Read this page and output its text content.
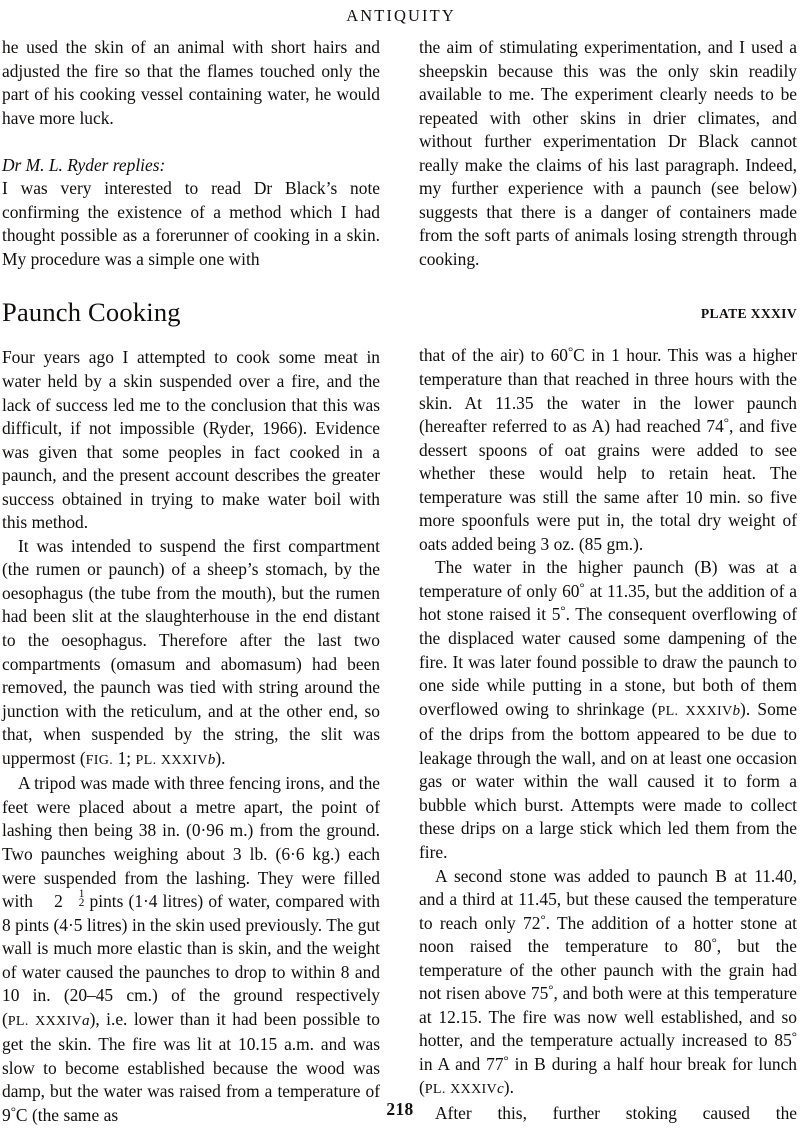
ANTIQUITY

he used the skin of an animal with short hairs and adjusted the fire so that the flames touched only the part of his cooking vessel containing water, he would have more luck.

Dr M. L. Ryder replies:

I was very interested to read Dr Black’s note confirming the existence of a method which I had thought possible as a forerunner of cooking in a skin. My procedure was a simple one with

Paunch Cooking

Four years ago I attempted to cook some meat in water held by a skin suspended over a fire, and the lack of success led me to the conclusion that this was difficult, if not impossible (Ryder, 1966). Evidence was given that some peoples in fact cooked in a paunch, and the present account describes the greater success obtained in trying to make water boil with this method.

It was intended to suspend the first compartment (the rumen or paunch) of a sheep’s stomach, by the oesophagus (the tube from the mouth), but the rumen had been slit at the slaughterhouse in the end distant to the oesophagus. Therefore after the last two compartments (omasum and abomasum) had been removed, the paunch was tied with string around the junction with the reticulum, and at the other end, so that, when suspended by the string, the slit was uppermost (FIG. 1; PL. XXXIVb).

A tripod was made with three fencing irons, and the feet were placed about a metre apart, the point of lashing then being 38 in. (0·96 m.) from the ground. Two paunches weighing about 3 lb. (6·6 kg.) each were suspended from the lashing. They were filled with 2	1
2 pints (1·4 litres) of water, compared with 8 pints (4·5 litres) in the skin used previously. The gut wall is much more elastic than is skin, and the weight of water caused the paunches to drop to within 8 and 10 in. (20–45 cm.) of the ground respectively (PL. XXXIVa), i.e. lower than it had been possible to get the skin. The fire was lit at 10.15 a.m. and was slow to become established because the wood was damp, but the water was raised from a temperature of 9°C (the same as

the aim of stimulating experimentation, and I used a sheepskin because this was the only skin readily available to me. The experiment clearly needs to be repeated with other skins in drier climates, and without further experimentation Dr Black cannot really make the claims of his last paragraph. Indeed, my further experience with a paunch (see below) suggests that there is a danger of containers made from the soft parts of animals losing strength through cooking.

PLATE XXXIV

that of the air) to 60°C in 1 hour. This was a higher temperature than that reached in three hours with the skin. At 11.35 the water in the lower paunch (hereafter referred to as A) had reached 74°, and five dessert spoons of oat grains were added to see whether these would help to retain heat. The temperature was still the same after 10 min. so five more spoonfuls were put in, the total dry weight of oats added being 3 oz. (85 gm.).

The water in the higher paunch (B) was at a temperature of only 60° at 11.35, but the addition of a hot stone raised it 5°. The consequent overflowing of the displaced water caused some dampening of the fire. It was later found possible to draw the paunch to one side while putting in a stone, but both of them overflowed owing to shrinkage (PL. XXXIVb). Some of the drips from the bottom appeared to be due to leakage through the wall, and on at least one occasion gas or water within the wall caused it to form a bubble which burst. Attempts were made to collect these drips on a large stick which led them from the fire.

A second stone was added to paunch B at 11.40, and a third at 11.45, but these caused the temperature to reach only 72°. The addition of a hotter stone at noon raised the temperature to 80°, but the temperature of the other paunch with the grain had not risen above 75°, and both were at this temperature at 12.15. The fire was now well established, and so hotter, and the temperature actually increased to 85° in A and 77° in B during a half hour break for lunch (PL. XXXIVc).

After this, further stoking caused the

218
